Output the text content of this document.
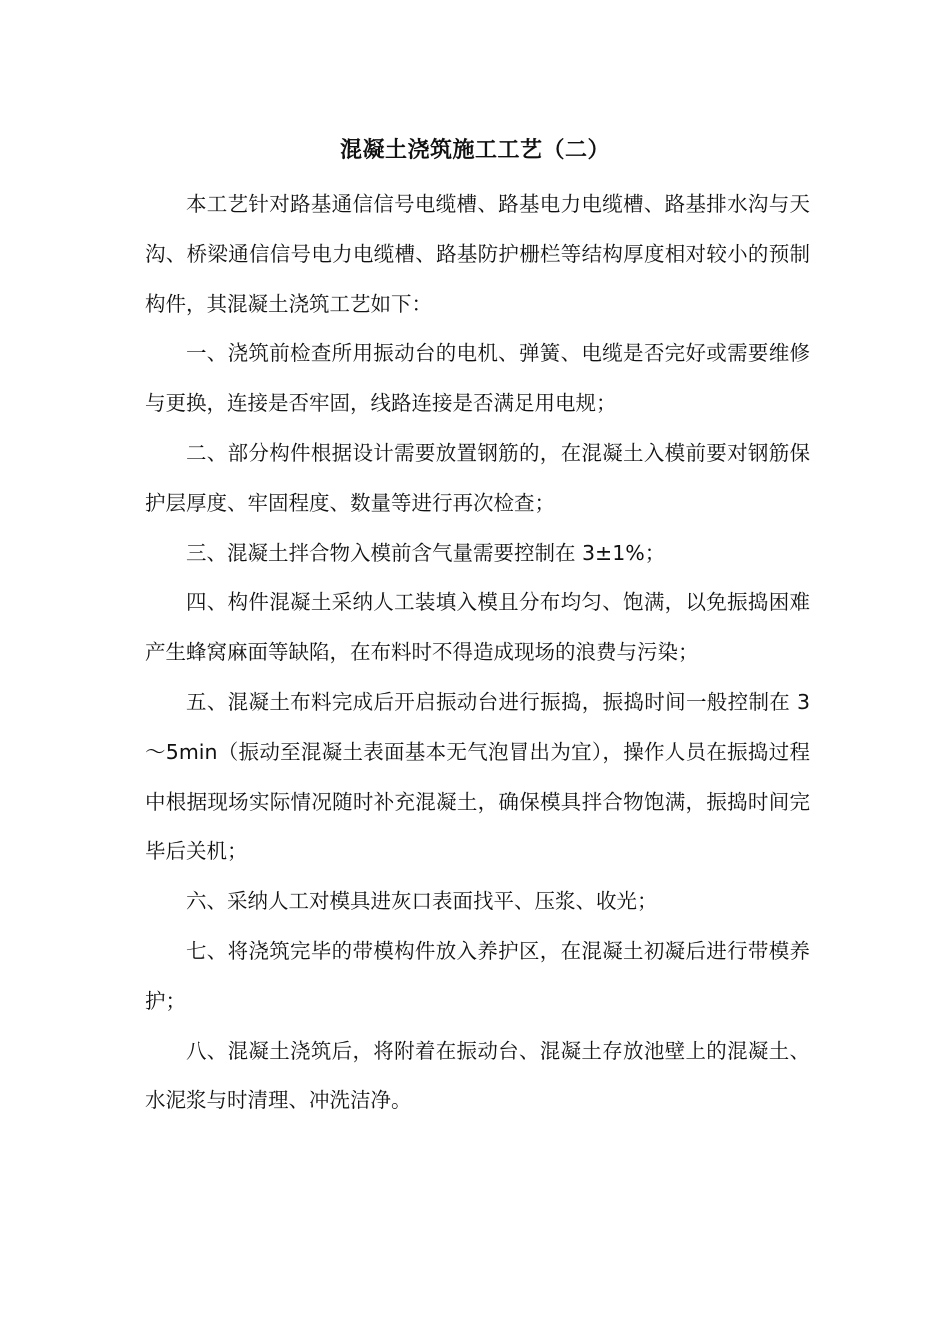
混凝土浇筑施工工艺（二）

本工艺针对路基通信信号电缆槽、路基电力电缆槽、路基排水沟与天沟、桥梁通信信号电力电缆槽、路基防护栅栏等结构厚度相对较小的预制构件，其混凝土浇筑工艺如下：

一、浇筑前检查所用振动台的电机、弹簧、电缆是否完好或需要维修与更换，连接是否牢固，线路连接是否满足用电规；

二、部分构件根据设计需要放置钢筋的，在混凝土入模前要对钢筋保护层厚度、牢固程度、数量等进行再次检查；

三、混凝土拌合物入模前含气量需要控制在 3±1%；

四、构件混凝土采纳人工装填入模且分布均匀、饱满，以免振捣困难产生蜂窝麻面等缺陷，在布料时不得造成现场的浪费与污染；

五、混凝土布料完成后开启振动台进行振捣，振捣时间一般控制在 3～5min（振动至混凝土表面基本无气泡冒出为宜），操作人员在振捣过程中根据现场实际情况随时补充混凝土，确保模具拌合物饱满，振捣时间完毕后关机；

六、采纳人工对模具进灰口表面找平、压浆、收光；

七、将浇筑完毕的带模构件放入养护区，在混凝土初凝后进行带模养护；

八、混凝土浇筑后，将附着在振动台、混凝土存放池壁上的混凝土、水泥浆与时清理、冲洗洁净。
